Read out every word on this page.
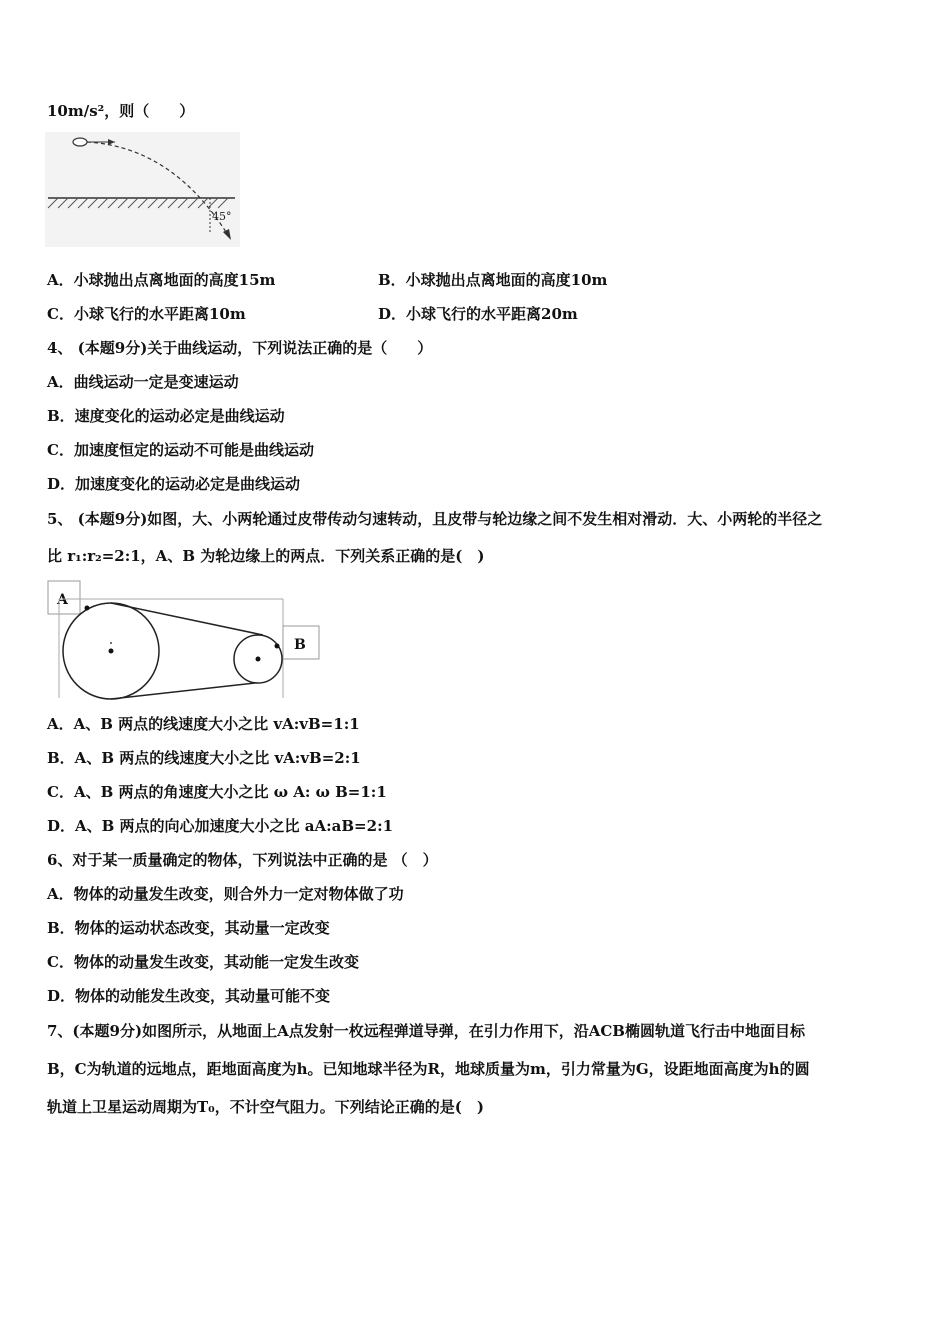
10m/s²，则（　　）
45°
A．小球抛出点离地面的高度15m	B．小球抛出点离地面的高度10m
C．小球飞行的水平距离10m	D．小球飞行的水平距离20m
4、 (本题9分)关于曲线运动，下列说法正确的是（　　）
A．曲线运动一定是变速运动
B．速度变化的运动必定是曲线运动
C．加速度恒定的运动不可能是曲线运动
D．加速度变化的运动必定是曲线运动
5、 (本题9分)如图，大、小两轮通过皮带传动匀速转动，且皮带与轮边缘之间不发生相对滑动．大、小两轮的半径之
比 r₁:r₂=2:1，A、B 为轮边缘上的两点．下列关系正确的是(　)
A
B
A．A、B 两点的线速度大小之比 vA:vB=1:1
B．A、B 两点的线速度大小之比 vA:vB=2:1
C．A、B 两点的角速度大小之比 ω A: ω B=1:1
D．A、B 两点的向心加速度大小之比 aA:aB=2:1
6、对于某一质量确定的物体，下列说法中正确的是 （　）
A．物体的动量发生改变，则合外力一定对物体做了功
B．物体的运动状态改变，其动量一定改变
C．物体的动量发生改变，其动能一定发生改变
D．物体的动能发生改变，其动量可能不变
7、(本题9分)如图所示，从地面上A点发射一枚远程弹道导弹，在引力作用下，沿ACB椭圆轨道飞行击中地面目标
B，C为轨道的远地点，距地面高度为h。已知地球半径为R，地球质量为m，引力常量为G，设距地面高度为h的圆
轨道上卫星运动周期为T₀，不计空气阻力。下列结论正确的是(　)
